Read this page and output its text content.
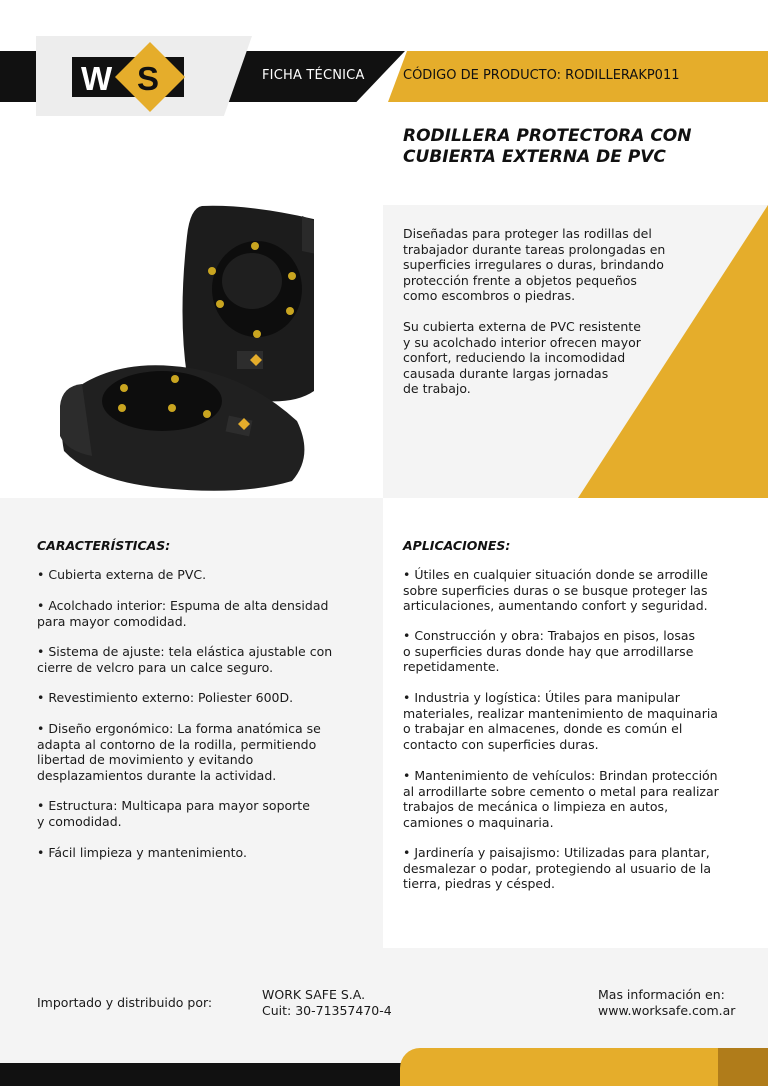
W S	FICHA TÉCNICA	CÓDIGO DE PRODUCTO: RODILLERAKP011
RODILLERA PROTECTORA CON CUBIERTA EXTERNA DE PVC
Diseñadas para proteger las rodillas del
trabajador durante tareas prolongadas en
superficies irregulares o duras, brindando
protección frente a objetos pequeños
como escombros o piedras.
Su cubierta externa de PVC resistente
y su acolchado interior ofrecen mayor
confort, reduciendo la incomodidad
causada durante largas jornadas
de trabajo.
CARACTERÍSTICAS:
• Cubierta externa de PVC.
• Acolchado interior: Espuma de alta densidad
para mayor comodidad.
• Sistema de ajuste: tela elástica ajustable con
cierre de velcro para un calce seguro.
• Revestimiento externo: Poliester 600D.
• Diseño ergonómico: La forma anatómica se
adapta al contorno de la rodilla, permitiendo
libertad de movimiento y evitando
desplazamientos durante la actividad.
• Estructura: Multicapa para mayor soporte
y comodidad.
• Fácil limpieza y mantenimiento.
APLICACIONES:
• Útiles en cualquier situación donde se arrodille
sobre superficies duras o se busque proteger las
articulaciones, aumentando confort y seguridad.
• Construcción y obra: Trabajos en pisos, losas
o superficies duras donde hay que arrodillarse
repetidamente.
• Industria y logística: Útiles para manipular
materiales, realizar mantenimiento de maquinaria
o trabajar en almacenes, donde es común el
contacto con superficies duras.
• Mantenimiento de vehículos: Brindan protección
al arrodillarte sobre cemento o metal para realizar
trabajos de mecánica o limpieza en autos,
camiones o maquinaria.
• Jardinería y paisajismo: Utilizadas para plantar,
desmalezar o podar, protegiendo al usuario de la
tierra, piedras y césped.
Importado y distribuido por:
WORK SAFE S.A.
Cuit: 30-71357470-4
Mas información en:
www.worksafe.com.ar
